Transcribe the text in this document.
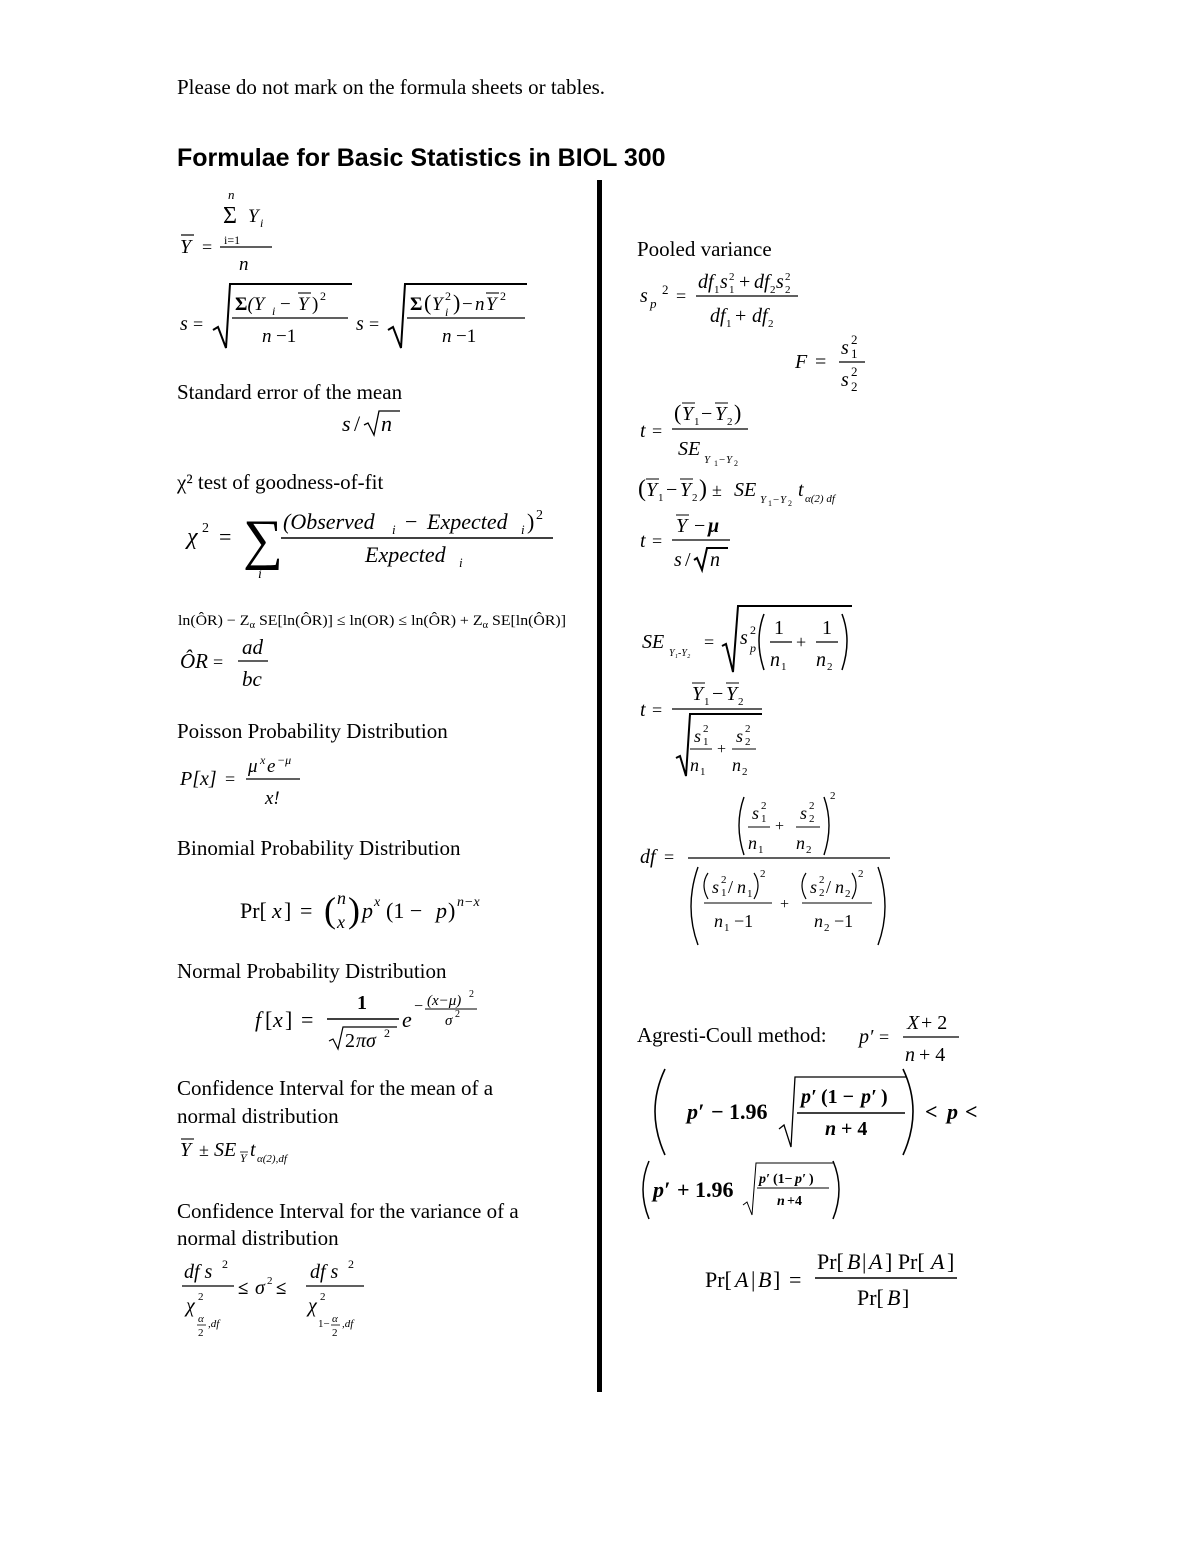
Please do not mark on the formula sheets or tables.
Formulae for Basic Statistics in BIOL 300
Y =
n
Σ Y i
i=1
n
s =
Σ(Y i − Y ) 2
n −1
s =
Σ ( Y 2
i ) − n Y 2
n −1
Standard error of the mean
s / n
χ² test of goodness-of-fit
χ 2 = ∑
i
(Observed i − Expected i ) 2
Expected i
ln(ÔR) − Z $_\alpha$ SE[ln(ÔR)] ≤ ln(OR) ≤ ln(ÔR) + Z $_\alpha$ SE[ln(ÔR)]
ÔR =
ad
bc
Poisson Probability Distribution
P[x] =
μ x e −μ
x!
Binomial Probability Distribution
Pr[ x ] = ( n
x ) p x (1 − p ) n−x
Normal Probability Distribution
f [ x ] =
1
2 πσ 2
e
− (x−μ) 2
σ 2
Confidence Interval for the mean of a
normal distribution
Y ± SE Y t α(2),df
Confidence Interval for the variance of a
normal distribution
df s 2
χ 2
α
2
,df
≤ σ 2 ≤
df s 2
χ 2
1− α
2
,df
Pooled variance
s p
2 =
df 1 s 2
1 + df 2 s 2
2
df 1 + df 2
F =
s 2
1
s 2
2
t =
( Y 1 − Y 2 )
SE Y 1 − Y 2
( Y 1 − Y 2 ) ± SE Y 1 − Y 2
t α(2) df
t =
Y − μ
s / n
SE
Y₁-Y₂
= s 2
p
1
n 1
+
1
n 2
t =
Y 1 − Y 2
s 2
1
n 1
+
s 2
2
n 2
df =
s 2
1
n 1
+
s 2
2
n 2
2
s 2
1 / n 1
2
n 1 −1
+
s 2
2 / n 2
2
n 2 −1
Agresti-Coull method: p′ =
X + 2
n + 4
p′ − 1.96
p′ (1 − p′ )
n + 4
< p <
p′ + 1.96 p′ (1− p′ )
n +4
Pr[ A | B ] =
Pr[ B | A ] Pr[ A ]
Pr[ B ]
